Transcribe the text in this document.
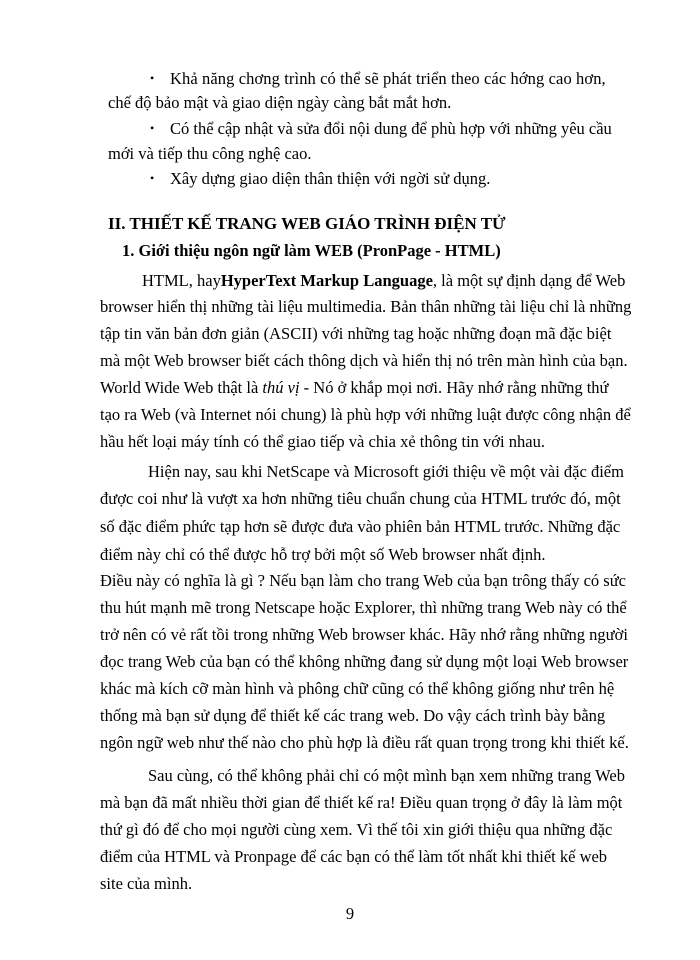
• Khả năng chơng trình có thể sẽ phát triển theo các hớng cao hơn,
chế độ bảo mật và giao diện ngày càng bắt mắt hơn.
• Có thể cập nhật và sửa đổi nội dung để phù hợp với những yêu cầu
mới và tiếp thu công nghệ cao.
• Xây dựng giao diện thân thiện với ngời sử dụng.
II. THIẾT KẾ TRANG WEB GIÁO TRÌNH ĐIỆN TỬ
1. Giới thiệu ngôn ngữ làm WEB (PronPage - HTML)
HTML, hayHyperText Markup Language, là một sự định dạng để Web
browser hiển thị những tài liệu multimedia. Bản thân những tài liệu chỉ là những
tập tin văn bản đơn giản (ASCII) với những tag hoặc những đoạn mã đặc biệt
mà một Web browser biết cách thông dịch và hiển thị nó trên màn hình của bạn.
World Wide Web thật là thú vị - Nó ở khắp mọi nơi. Hãy nhớ rằng những thứ
tạo ra Web (và Internet nói chung) là phù hợp với những luật được công nhận để
hầu hết loại máy tính có thể giao tiếp và chia xẻ thông tin với nhau.
Hiện nay, sau khi NetScape và Microsoft giới thiệu về một vài đặc điểm
được coi như là vượt xa hơn những tiêu chuẩn chung của HTML trước đó, một
số đặc điểm phức tạp hơn sẽ được đưa vào phiên bản HTML trước. Những đặc
điểm này chỉ có thể được hỗ trợ bởi một số Web browser nhất định.
Điều này có nghĩa là gì ? Nếu bạn làm cho trang Web của bạn trông thấy có sức
thu hút mạnh mẽ trong Netscape hoặc Explorer, thì những trang Web này có thể
trở nên có vẻ rất tồi trong những Web browser khác. Hãy nhớ rằng những người
đọc trang Web của bạn có thể không những đang sử dụng một loại Web browser
khác mà kích cỡ màn hình và phông chữ cũng có thể không giống như trên hệ
thống mà bạn sử dụng để thiết kế các trang web. Do vậy cách trình bày bằng
ngôn ngữ web như thế nào cho phù hợp là điều rất quan trọng trong khi thiết kế.
Sau cùng, có thể không phải chỉ có một mình bạn xem những trang Web
mà bạn đã mất nhiều thời gian để thiết kế ra! Điều quan trọng ở đây là làm một
thứ gì đó để cho mọi người cùng xem. Vì thế tôi xin giới thiệu qua những đặc
điểm của HTML và Pronpage để các bạn có thể làm tốt nhất khi thiết kế web
site của mình.
9
